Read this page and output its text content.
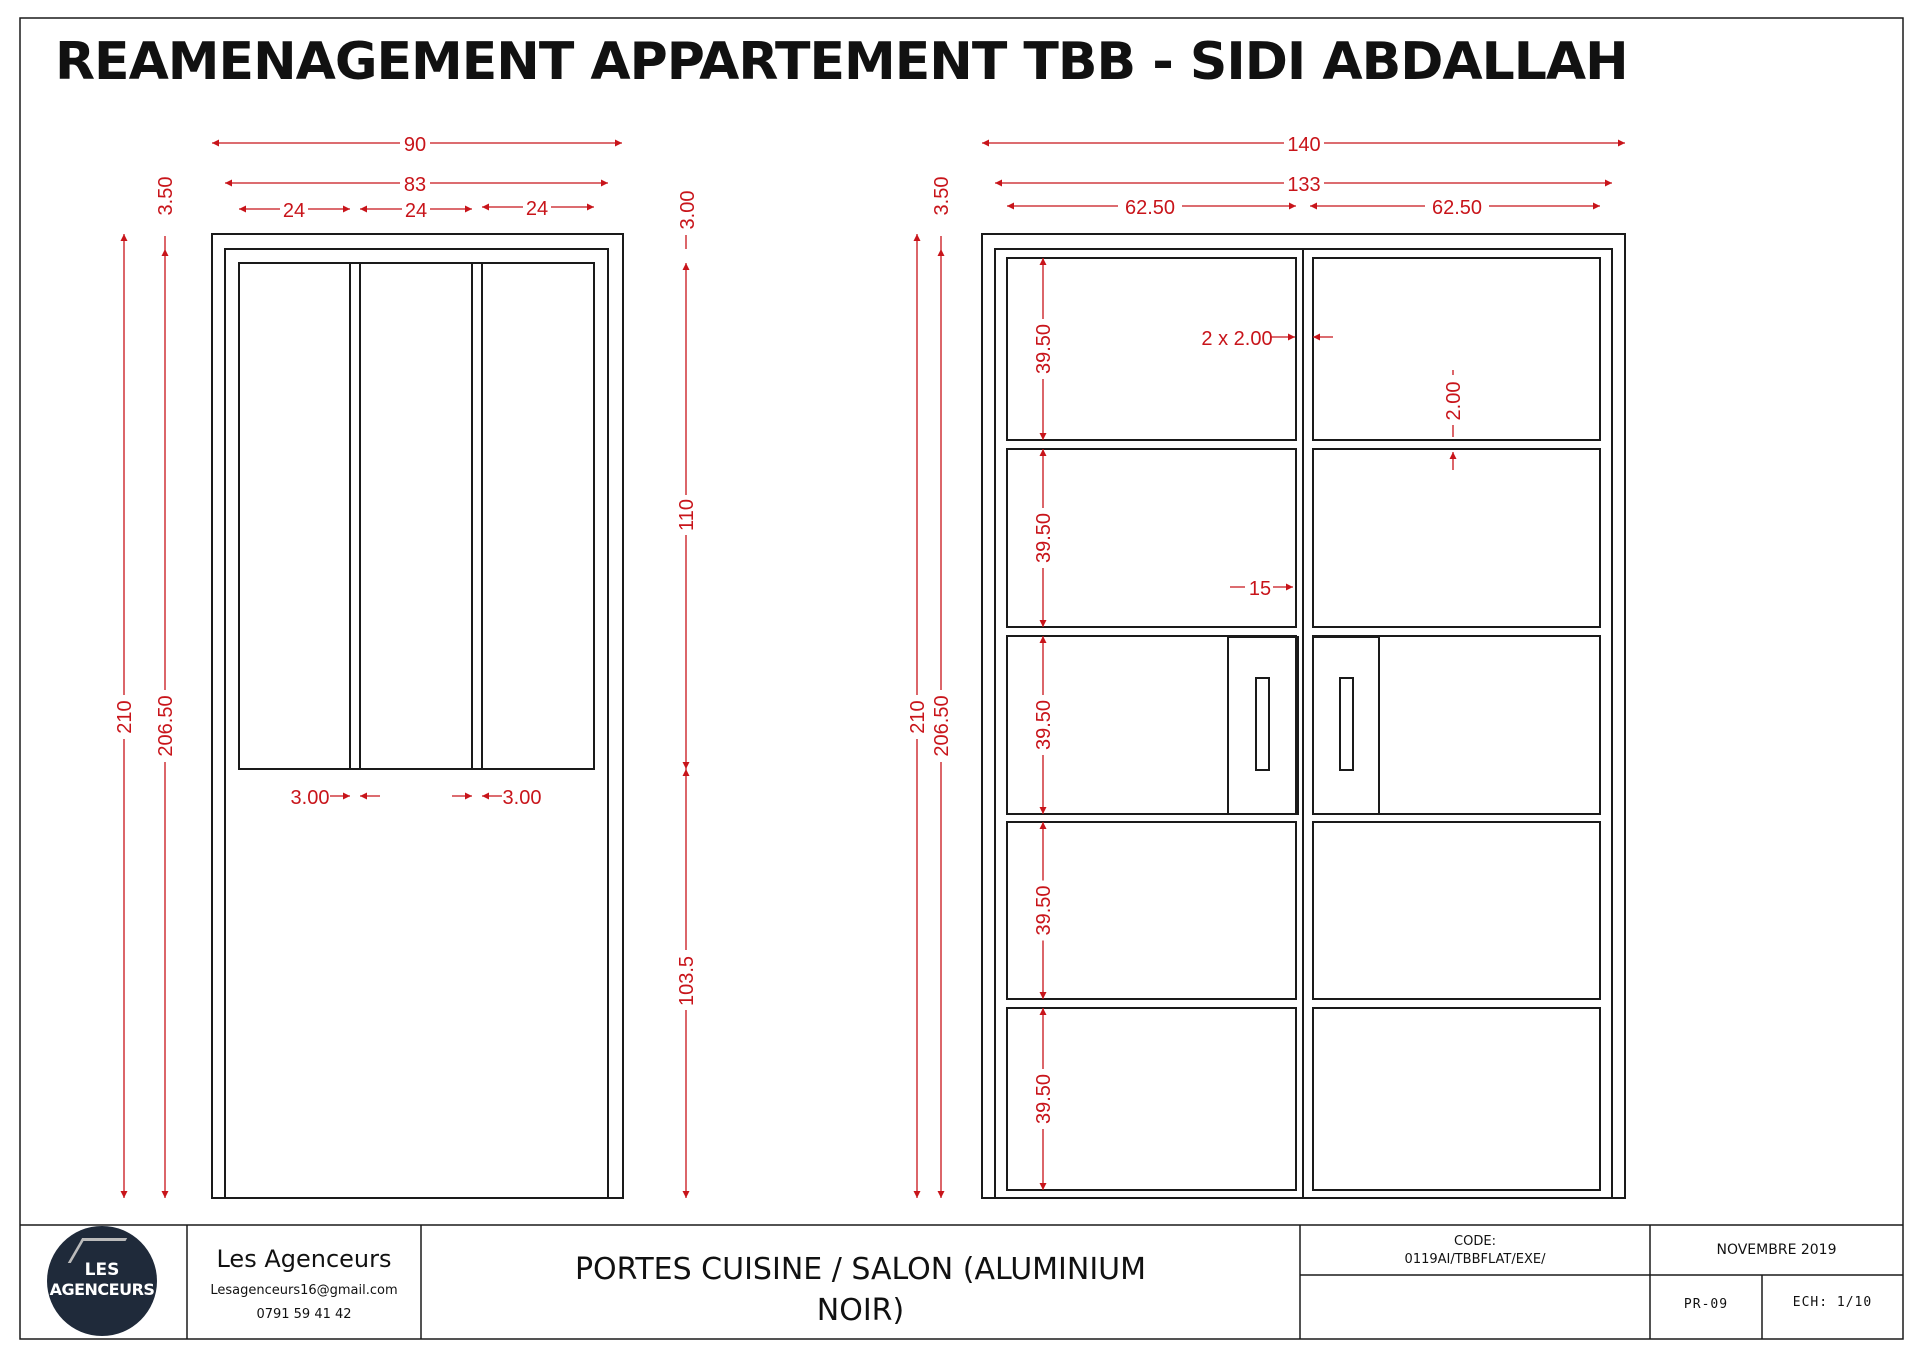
REAMENAGEMENT APPARTEMENT TBB - SIDI ABDALLAH
90
83
24	24	24
3.00	3.00
210 206.50
3.50	3.00
110
103.5
140
133
62.50	62.50
2 x 2.00
15
210 206.50
3.50
2.00
39.50
39.50
39.50
39.50
39.50
LES
AGENCEURS
Les Agenceurs
Lesagenceurs16@gmail.com
0791 59 41 42
PORTES CUISINE / SALON (ALUMINIUM
NOIR)
CODE:
0119AI/TBBFLAT/EXE/
NOVEMBRE 2019
PR-09	ECH: 1/10
